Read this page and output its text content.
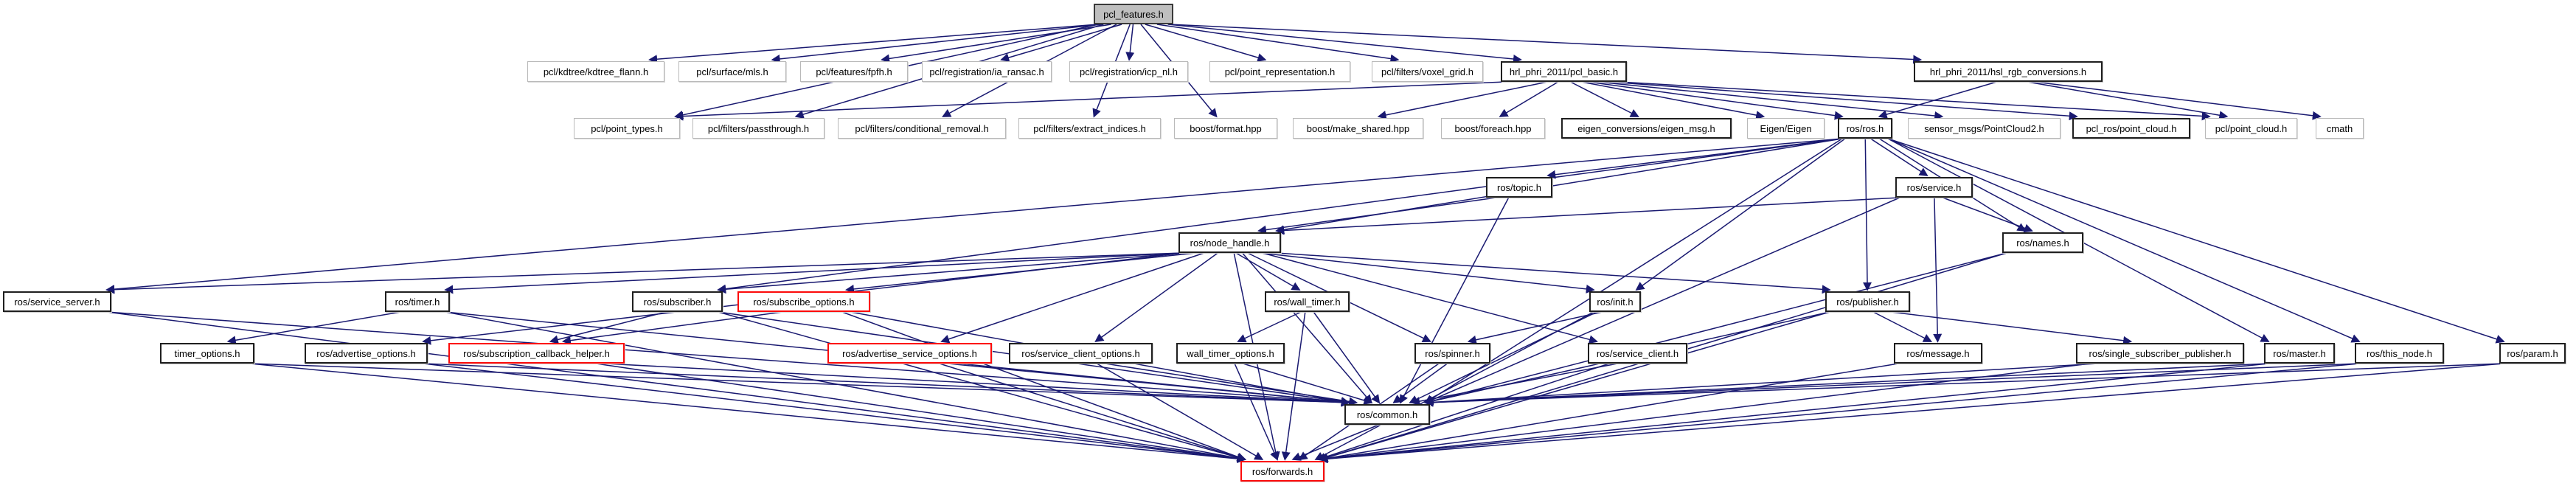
pcl_features.h
pcl/kdtree/kdtree_flann.h	pcl/surface/mls.h	pcl/features/fpfh.h	pcl/registration/ia_ransac.h	pcl/registration/icp_nl.h	pcl/point_representation.h	pcl/filters/voxel_grid.h	hrl_phri_2011/pcl_basic.h	hrl_phri_2011/hsl_rgb_conversions.h
pcl/point_types.h	pcl/filters/passthrough.h	pcl/filters/conditional_removal.h	pcl/filters/extract_indices.h	boost/format.hpp	boost/make_shared.hpp	boost/foreach.hpp	eigen_conversions/eigen_msg.h	Eigen/Eigen	ros/ros.h	sensor_msgs/PointCloud2.h	pcl_ros/point_cloud.h	pcl/point_cloud.h	cmath
ros/topic.h	ros/service.h
ros/names.h
ros/node_handle.h
ros/service_server.h	ros/timer.h	ros/subscriber.h	ros/subscribe_options.h	ros/wall_timer.h	ros/init.h	ros/publisher.h
timer_options.h	ros/advertise_options.h	ros/subscription_callback_helper.h	ros/advertise_service_options.h	ros/service_client_options.h	wall_timer_options.h	ros/spinner.h	ros/service_client.h	ros/message.h	ros/single_subscriber_publisher.h	ros/master.h	ros/this_node.h	ros/param.h
ros/common.h
ros/forwards.h
